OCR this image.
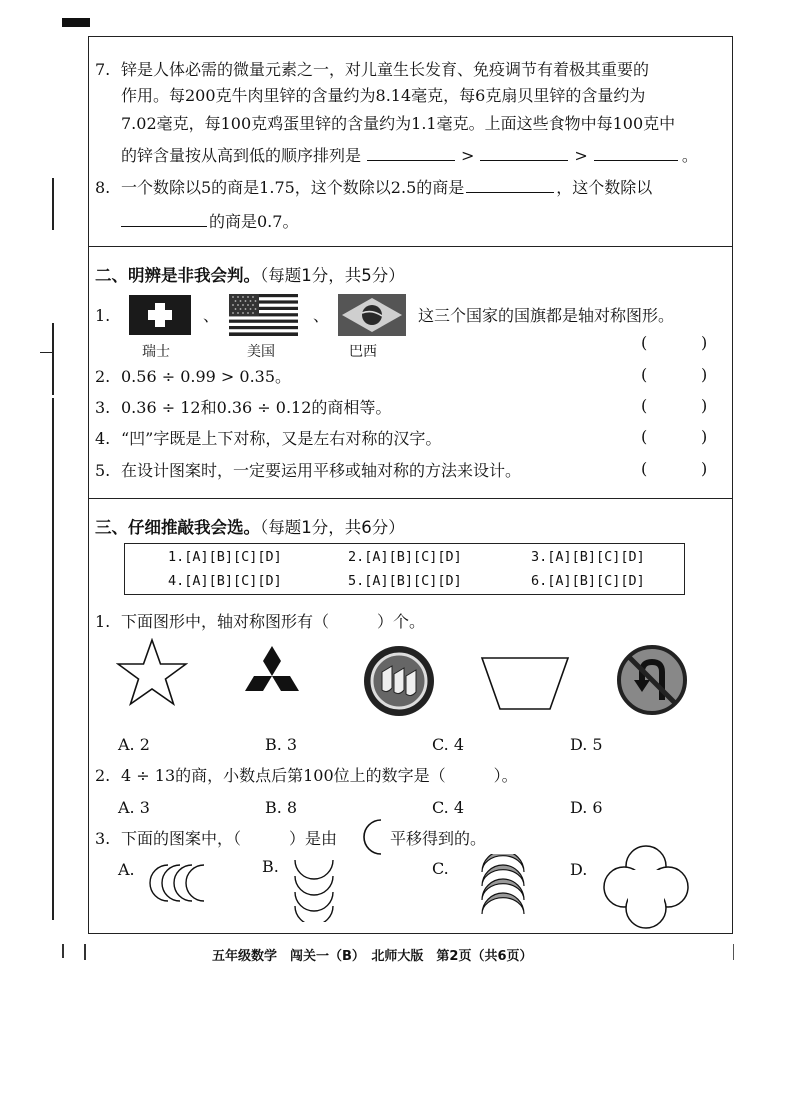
7. 锌是人体必需的微量元素之一，对儿童生长发育、免疫调节有着极其重要的
作用。每200克牛肉里锌的含量约为8.14毫克，每6克扇贝里锌的含量约为
7.02毫克，每100克鸡蛋里锌的含量约为1.1毫克。上面这些食物中每100克中
的锌含量按从高到低的顺序排列是	>	>	。
8. 一个数除以5的商是1.75，这个数除以2.5的商是	，这个数除以
的商是0.7。
二、明辨是非我会判。（每题1分，共5分）
1.	、	、	这三个国家的国旗都是轴对称图形。
瑞士	美国	巴西	(	)
2. 0.56 ÷ 0.99 > 0.35。	(	)
3. 0.36 ÷ 12和0.36 ÷ 0.12的商相等。	(	)
4. “凹”字既是上下对称，又是左右对称的汉字。	(	)
5. 在设计图案时，一定要运用平移或轴对称的方法来设计。	(	)
三、仔细推敲我会选。（每题1分，共6分）
1.[A][B][C][D]	2.[A][B][C][D]	3.[A][B][C][D]
4.[A][B][C][D]	5.[A][B][C][D]	6.[A][B][C][D]
1. 下面图形中，轴对称图形有（　　　）个。
A. 2	B. 3	C. 4	D. 5
2. 4 ÷ 13的商，小数点后第100位上的数字是（　　　）。
A. 3	B. 8	C. 4	D. 6
3. 下面的图案中，（　　　）是由	平移得到的。
A.	B.	C.	D.
五年级数学　闯关一（B）　北师大版　第2页（共6页）
